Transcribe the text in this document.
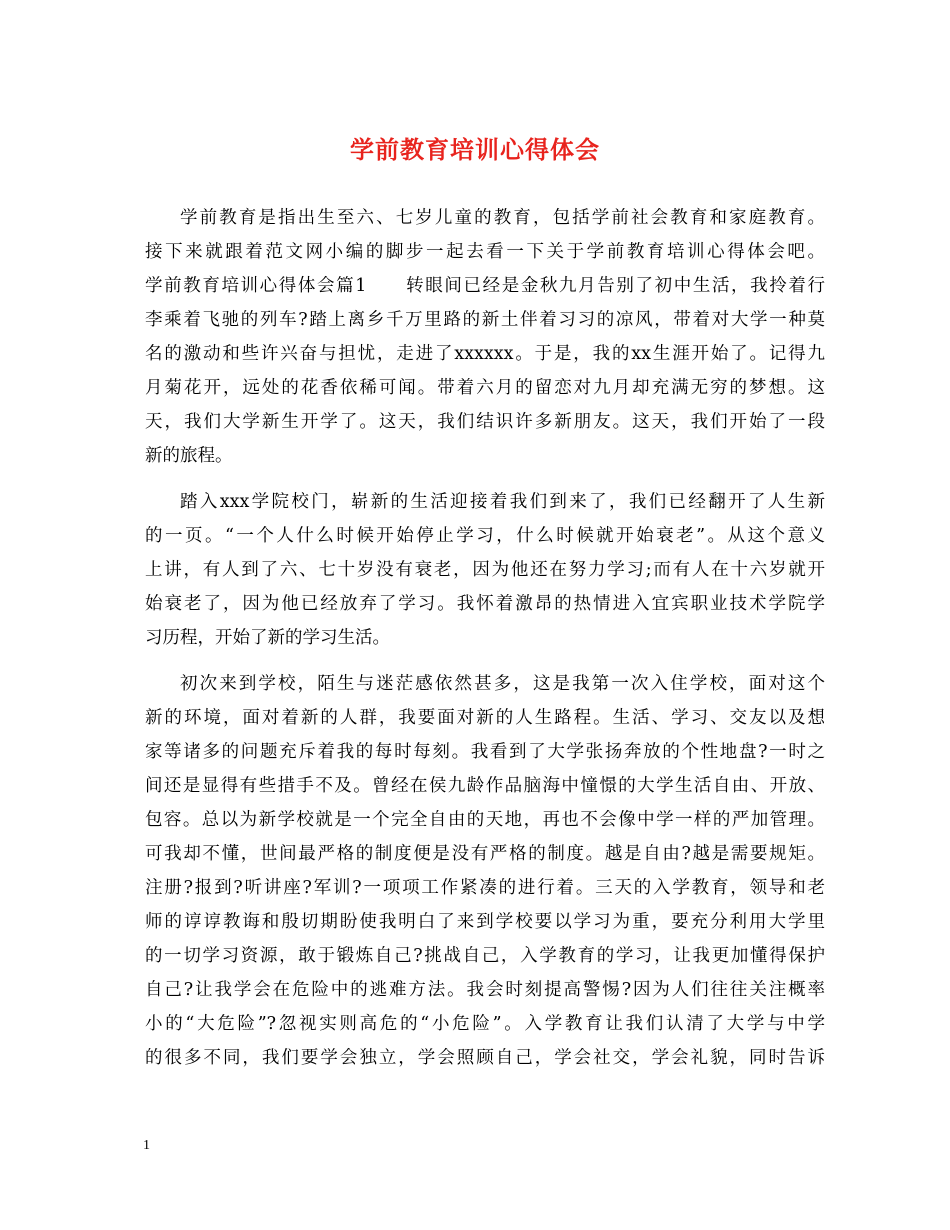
学前教育培训心得体会
学前教育是指出生至六、七岁儿童的教育，包括学前社会教育和家庭教育。
接下来就跟着范文网小编的脚步一起去看一下关于学前教育培训心得体会吧。
学前教育培训心得体会篇1　　转眼间已经是金秋九月告别了初中生活，我拎着行
李乘着飞驰的列车?踏上离乡千万里路的新土伴着习习的凉风，带着对大学一种莫
名的激动和些许兴奋与担忧，走进了xxxxxx。于是，我的xx生涯开始了。记得九
月菊花开，远处的花香依稀可闻。带着六月的留恋对九月却充满无穷的梦想。这
天，我们大学新生开学了。这天，我们结识许多新朋友。这天，我们开始了一段
新的旅程。
踏入xxx学院校门，崭新的生活迎接着我们到来了，我们已经翻开了人生新
的一页。“一个人什么时候开始停止学习，什么时候就开始衰老”。从这个意义
上讲，有人到了六、七十岁没有衰老，因为他还在努力学习;而有人在十六岁就开
始衰老了，因为他已经放弃了学习。我怀着激昂的热情进入宜宾职业技术学院学
习历程，开始了新的学习生活。
初次来到学校，陌生与迷茫感依然甚多，这是我第一次入住学校，面对这个
新的环境，面对着新的人群，我要面对新的人生路程。生活、学习、交友以及想
家等诸多的问题充斥着我的每时每刻。我看到了大学张扬奔放的个性地盘?一时之
间还是显得有些措手不及。曾经在侯九龄作品脑海中憧憬的大学生活自由、开放、
包容。总以为新学校就是一个完全自由的天地，再也不会像中学一样的严加管理。
可我却不懂，世间最严格的制度便是没有严格的制度。越是自由?越是需要规矩。
注册?报到?听讲座?军训?一项项工作紧凑的进行着。三天的入学教育，领导和老
师的谆谆教诲和殷切期盼使我明白了来到学校要以学习为重，要充分利用大学里
的一切学习资源，敢于锻炼自己?挑战自己，入学教育的学习，让我更加懂得保护
自己?让我学会在危险中的逃难方法。我会时刻提高警惕?因为人们往往关注概率
小的“大危险”?忽视实则高危的“小危险”。入学教育让我们认清了大学与中学
的很多不同，我们要学会独立，学会照顾自己，学会社交，学会礼貌，同时告诉
1
